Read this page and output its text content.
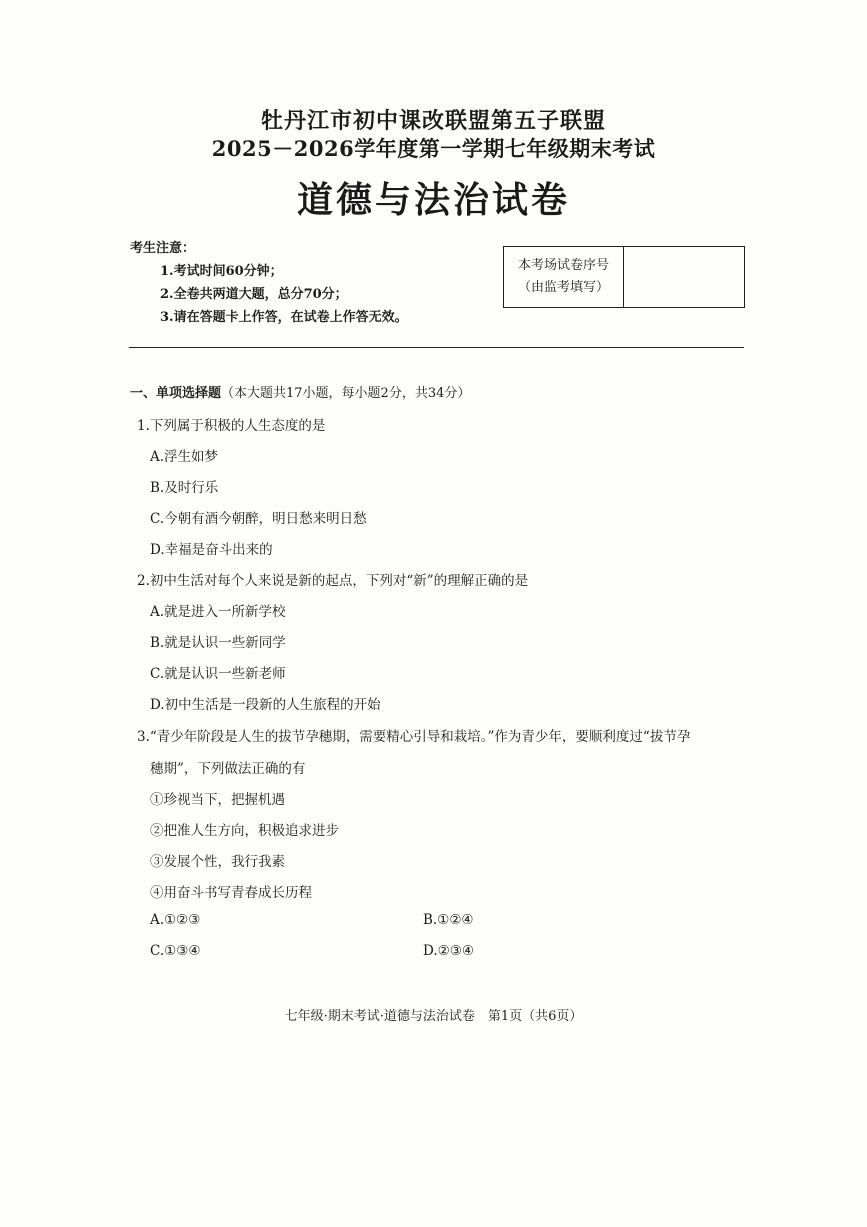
牡丹江市初中课改联盟第五子联盟
2025－2026学年度第一学期七年级期末考试
道德与法治试卷
考生注意：
1.考试时间60分钟；
2.全卷共两道大题，总分70分；
3.请在答题卡上作答，在试卷上作答无效。
本考场试卷序号
（由监考填写）
一、单项选择题（本大题共17小题，每小题2分，共34分）
1.下列属于积极的人生态度的是
A.浮生如梦
B.及时行乐
C.今朝有酒今朝醉，明日愁来明日愁
D.幸福是奋斗出来的
2.初中生活对每个人来说是新的起点，下列对“新”的理解正确的是
A.就是进入一所新学校
B.就是认识一些新同学
C.就是认识一些新老师
D.初中生活是一段新的人生旅程的开始
3.“青少年阶段是人生的拔节孕穗期，需要精心引导和栽培。”作为青少年，要顺利度过“拔节孕
穗期”，下列做法正确的有
①珍视当下，把握机遇
②把准人生方向，积极追求进步
③发展个性，我行我素
④用奋斗书写青春成长历程
A.①②③	B.①②④
C.①③④	D.②③④
七年级·期末考试·道德与法治试卷　第1页（共6页）
